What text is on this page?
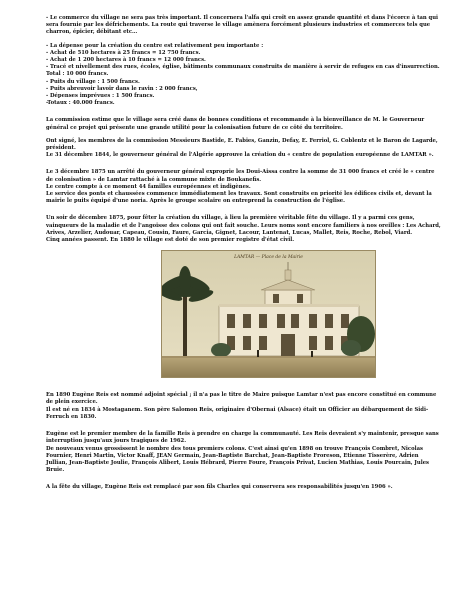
- Le commerce du village ne sera pas très important. Il concernera l'alfa qui croît en assez grande quantité et dans l'écorce à tan qui sera fournie par les défrichements. La route qui traverse le village amènera forcément plusieurs industries et commerces tels que charron, épicier, débitant etc…

- La dépense pour la création du centre est relativement peu importante :

- Achat de 510 hectares à 25 francs = 12 750 francs.

- Achat de 1 200 hectares à 10 francs = 12 000 francs.

- Tracé et nivellement des rues, écoles, église, bâtiments communaux construits de manière à servir de refuges en cas d'insurrection. Total : 10 000 francs.

- Puits du village : 1 500 francs.

- Puits abreuvoir lavoir dans le ravin : 2 000 francs,

- Dépenses imprévues : 1 500 francs.

-Totaux : 40.000 francs.

La commission estime que le village sera créé dans de bonnes conditions et recommande à la bienveillance de M. le Gouverneur général ce projet qui présente une grande utilité pour la colonisation future de ce côté du territoire.

Ont signé, les membres de la commission Messieurs Bastide, E. Fabies, Ganzin, Defay, E. Ferriol, G. Coblentz et le Baron de Lagarde, président.

Le 31 décembre 1844, le gouverneur général de l'Algérie approuve la création du « centre de population européenne de LAMTAR ».

Le 3 décembre 1875 un arrêté du gouverneur général exproprie les Doui-Aissa contre la somme de 31 000 francs et créé le « centre de colonisation » de Lamtar rattaché à la commune mixte de Boukanefis.

Le centre compte à ce moment 44 familles européennes et indigènes.

Le service des ponts et chaussées commence immédiatement les travaux. Sont construits en priorité les édifices civils et, devant la mairie le puits équipé d'une noria. Après le groupe scolaire on entreprend la construction de l'église.

Un soir de décembre 1875, pour fêter la création du village, à lieu la première véritable fête du village. Il y a parmi ces gens, vainqueurs de la maladie et de l'angoisse des colons qui ont fait souche. Leurs noms sont encore familiers à nos oreilles : Les Achard, Arives, Arzelier, Audouar, Capeau, Cousin, Faure, Garcia, Gignet, Lacour, Lantenat, Lucas, Mallet, Reis, Roche, Rebol, Viard.

Cinq années passent. En 1880 le village est doté de son premier registre d'état civil.

LAMTAR — Place de la Mairie

En 1890 Eugène Reis est nommé adjoint spécial ; il n'a pas le titre de Maire puisque Lamtar n'est pas encore constitué en commune de plein exercice.

Il est né en 1834 à Mostaganem. Son père Salomon Reis, originaire d'Obernai (Alsace) était un Officier au débarquement de Sidi-Ferruch en 1830.

Eugène est le premier membre de la famille Reis à prendre en charge la communauté. Les Reis devraient s'y maintenir, presque sans interruption jusqu'aux jours tragiques de 1962.

De nouveaux venus grossissent le nombre des tous premiers colons. C'est ainsi qu'en 1898 on trouve François Combret, Nicolas Fournier, Henri Martin, Victor Knaff, JEAN Germain, Jean-Baptiste Barchat, Jean-Baptiste Froreson, Etienne Tisserère, Adrien Jullian, Jean-Baptiste Joulie, François Alibert, Louis Hébrard, Pierre Foure, François Privat, Lucien Mathias, Louis Pourcain, Jules Bruie.

A la fête du village, Eugène Reis est remplacé par son fils Charles qui conservera ses responsabilités jusqu'en 1906 ».
